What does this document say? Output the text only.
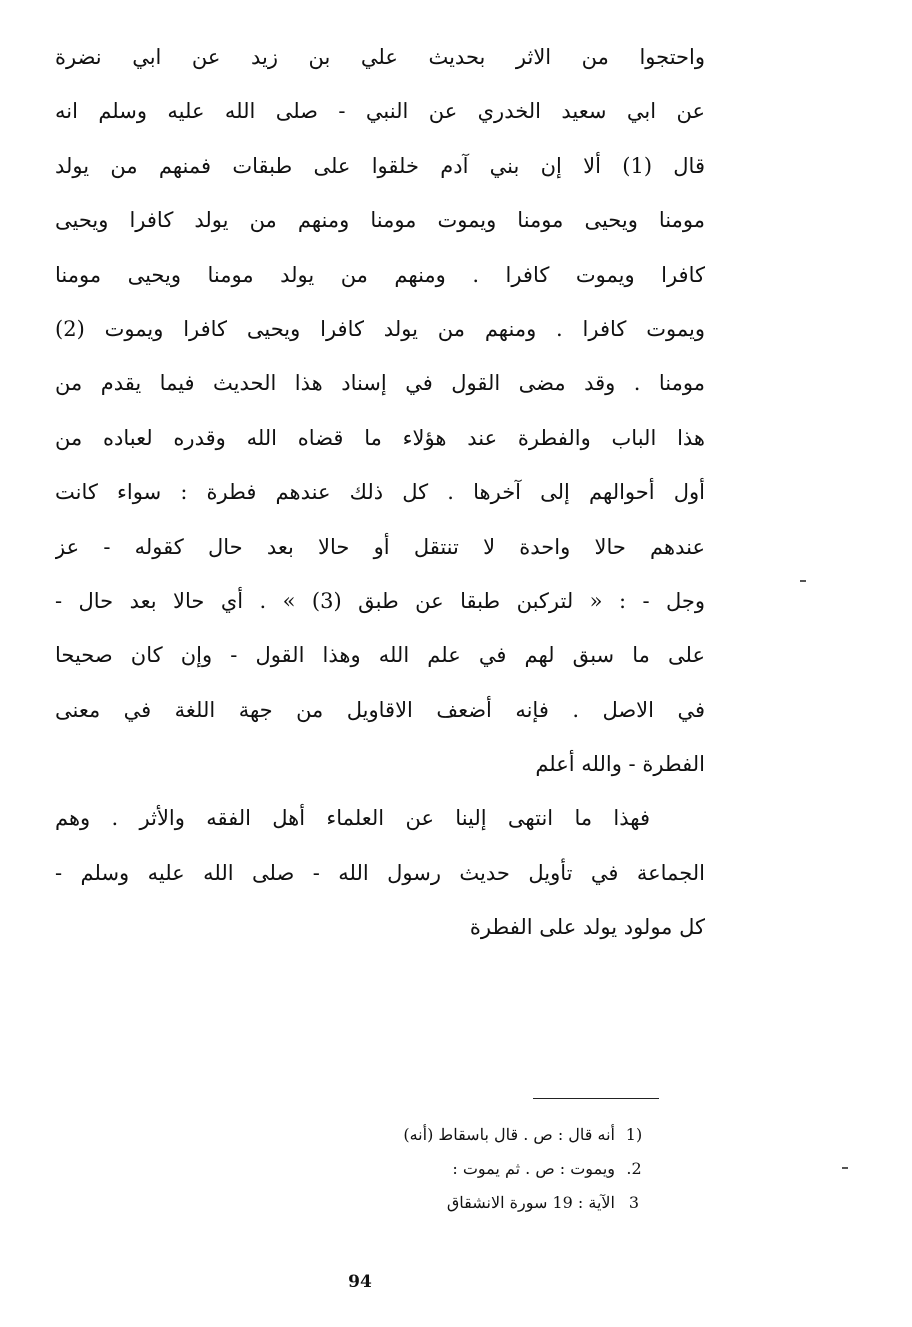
واحتجوا من الاثر بحديث علي بن زيد عن ابي نضرة
عن ابي سعيد الخدري عن النبي - صلى الله عليه وسلم انه
قال (1) ألا إن بني آدم خلقوا على طبقات فمنهم من يولد
مومنا ويحيى مومنا ويموت مومنا ومنهم من يولد كافرا ويحيى
كافرا ويموت كافرا . ومنهم من يولد مومنا ويحيى مومنا
ويموت كافرا . ومنهم من يولد كافرا ويحيى كافرا ويموت (2)
مومنا . وقد مضى القول في إسناد هذا الحديث فيما يقدم من
هذا الباب والفطرة عند هؤلاء ما قضاه الله وقدره لعباده من
أول أحوالهم إلى آخرها . كل ذلك عندهم فطرة : سواء كانت
عندهم حالا واحدة لا تنتقل أو حالا بعد حال كقوله - عز
وجل - : « لتركبن طبقا عن طبق (3) » . أي حالا بعد حال -
على ما سبق لهم في علم الله وهذا القول - وإن كان صحيحا
في الاصل . فإنه أضعف الاقاويل من جهة اللغة في معنى
الفطرة - والله أعلم
فهذا ما انتهى إلينا عن العلماء أهل الفقه والأثر . وهم
الجماعة في تأويل حديث رسول الله - صلى الله عليه وسلم -
كل مولود يولد على الفطرة
(1أنه قال : ص . قال باسقاط (أنه)
2.ويموت : ص . ثم يموت :
3الآية : 19 سورة الانشقاق
94
